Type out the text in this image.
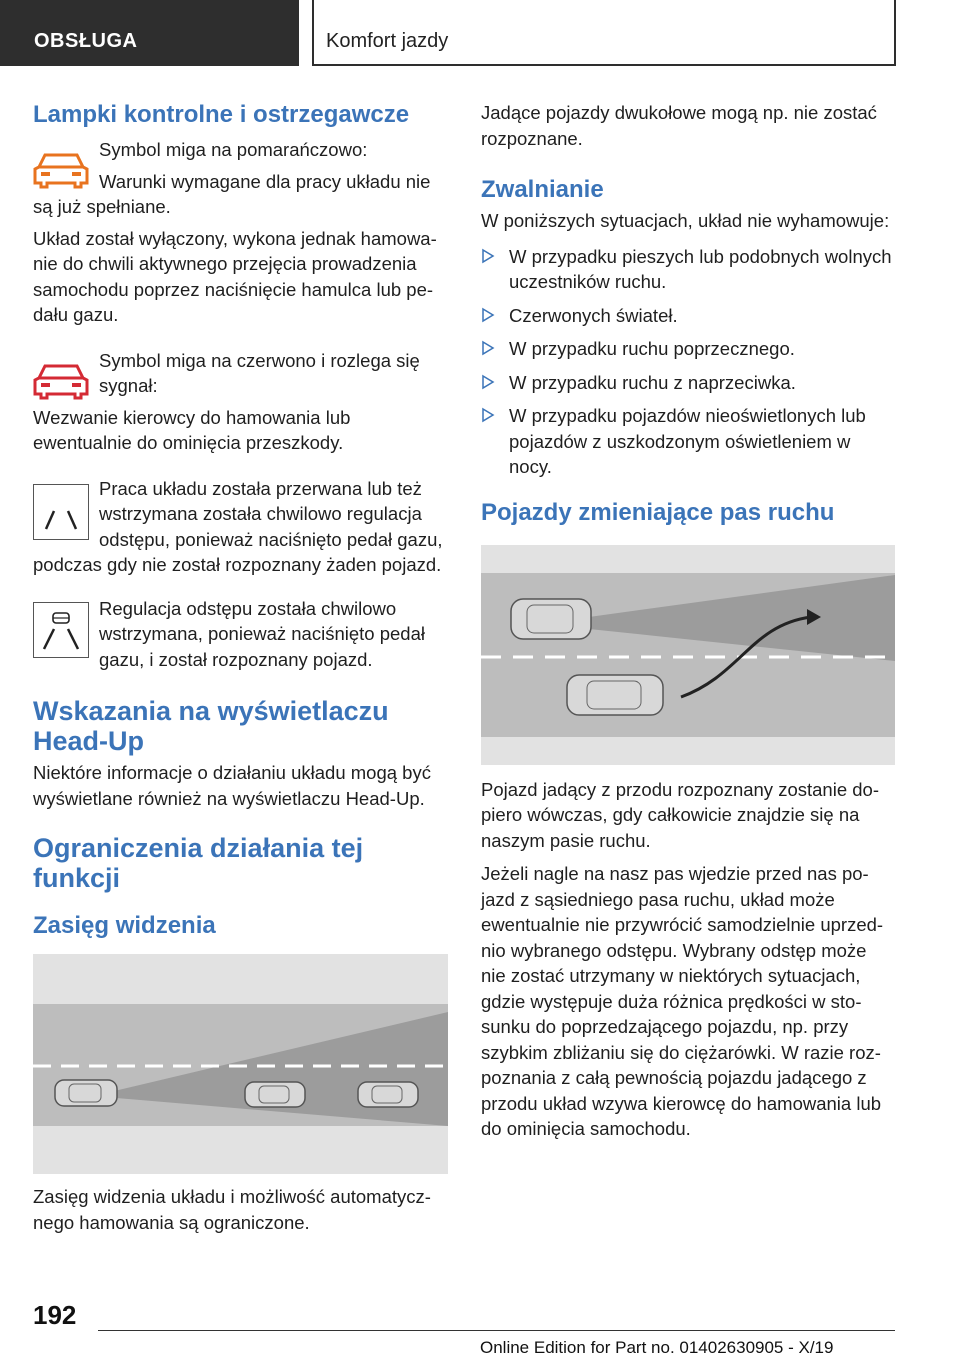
OBSŁUGA	Komfort jazdy
Lampki kontrolne i ostrzegawcze

Symbol miga na pomarańczowo:

Warunki wymagane dla pracy układu nie są już spełniane.

Układ został wyłączony, wykona jednak hamowanie do chwili aktywnego przejęcia prowadzenia samochodu poprzez naciśnięcie hamulca lub pedału gazu.

Symbol miga na czerwono i rozlega się sygnał:

Wezwanie kierowcy do hamowania lub ewentualnie do ominięcia przeszkody.

Praca układu została przerwana lub też wstrzymana została chwilowo regulacja odstępu, ponieważ naciśnięto pedał gazu, podczas gdy nie został rozpoznany żaden pojazd.

Regulacja odstępu została chwilowo wstrzymana, ponieważ naciśnięto pedał gazu, i został rozpoznany pojazd.

Wskazania na wyświetlaczu Head-Up

Niektóre informacje o działaniu układu mogą być wyświetlane również na wyświetlaczu Head-Up.

Ograniczenia działania tej funkcji
Zasięg widzenia

Zasięg widzenia układu i możliwość automatycznego hamowania są ograniczone.

Jadące pojazdy dwukołowe mogą np. nie zostać rozpoznane.

Zwalnianie

W poniższych sytuacjach, układ nie wyhamowuje:

W przypadku pieszych lub podobnych wolnych uczestników ruchu.
Czerwonych świateł.
W przypadku ruchu poprzecznego.
W przypadku ruchu z naprzeciwka.
W przypadku pojazdów nieoświetlonych lub pojazdów z uszkodzonym oświetleniem w nocy.
Pojazdy zmieniające pas ruchu

Pojazd jadący z przodu rozpoznany zostanie dopiero wówczas, gdy całkowicie znajdzie się na naszym pasie ruchu.

Jeżeli nagle na nasz pas wjedzie przed nas pojazd z sąsiedniego pasa ruchu, układ może ewentualnie nie przywrócić samodzielnie uprzednio wybranego odstępu. Wybrany odstęp może nie zostać utrzymany w niektórych sytuacjach, gdzie występuje duża różnica prędkości w stosunku do poprzedzającego pojazdu, np. przy szybkim zbliżaniu się do ciężarówki. W razie rozpoznania z całą pewnością pojazdu jadącego z przodu układ wzywa kierowcę do hamowania lub do ominięcia samochodu.

192
Online Edition for Part no. 01402630905 - X/19
